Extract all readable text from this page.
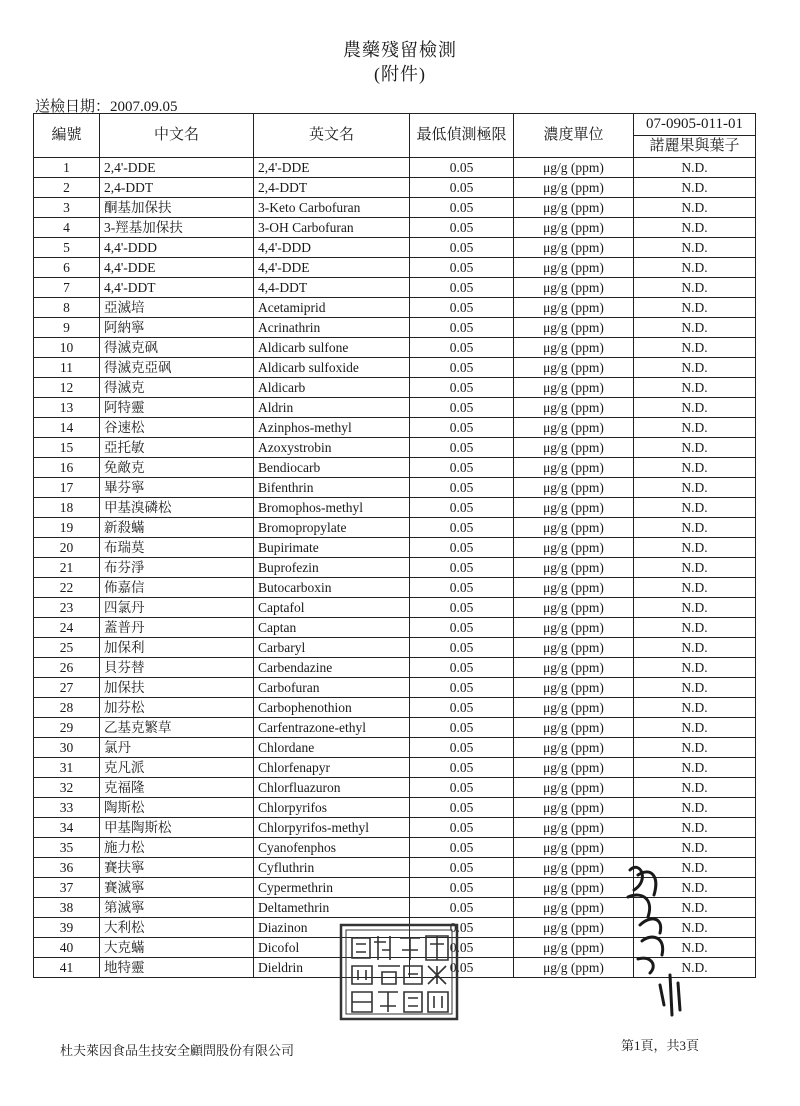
農藥殘留檢測
(附件)
送檢日期：2007.09.05
編號	中文名	英文名	最低偵測極限	濃度單位	07-0905-011-01
					諾麗果與葉子
1	2,4'-DDE	2,4'-DDE	0.05	μg/g (ppm)	N.D.
2	2,4-DDT	2,4-DDT	0.05	μg/g (ppm)	N.D.
3	酮基加保扶	3-Keto Carbofuran	0.05	μg/g (ppm)	N.D.
4	3-羥基加保扶	3-OH Carbofuran	0.05	μg/g (ppm)	N.D.
5	4,4'-DDD	4,4'-DDD	0.05	μg/g (ppm)	N.D.
6	4,4'-DDE	4,4'-DDE	0.05	μg/g (ppm)	N.D.
7	4,4'-DDT	4,4-DDT	0.05	μg/g (ppm)	N.D.
8	亞滅培	Acetamiprid	0.05	μg/g (ppm)	N.D.
9	阿納寧	Acrinathrin	0.05	μg/g (ppm)	N.D.
10	得滅克砜	Aldicarb sulfone	0.05	μg/g (ppm)	N.D.
11	得滅克亞砜	Aldicarb sulfoxide	0.05	μg/g (ppm)	N.D.
12	得滅克	Aldicarb	0.05	μg/g (ppm)	N.D.
13	阿特靈	Aldrin	0.05	μg/g (ppm)	N.D.
14	谷速松	Azinphos-methyl	0.05	μg/g (ppm)	N.D.
15	亞托敏	Azoxystrobin	0.05	μg/g (ppm)	N.D.
16	免敵克	Bendiocarb	0.05	μg/g (ppm)	N.D.
17	畢芬寧	Bifenthrin	0.05	μg/g (ppm)	N.D.
18	甲基溴磷松	Bromophos-methyl	0.05	μg/g (ppm)	N.D.
19	新殺蟎	Bromopropylate	0.05	μg/g (ppm)	N.D.
20	布瑞莫	Bupirimate	0.05	μg/g (ppm)	N.D.
21	布芬淨	Buprofezin	0.05	μg/g (ppm)	N.D.
22	佈嘉信	Butocarboxin	0.05	μg/g (ppm)	N.D.
23	四氯丹	Captafol	0.05	μg/g (ppm)	N.D.
24	蓋普丹	Captan	0.05	μg/g (ppm)	N.D.
25	加保利	Carbaryl	0.05	μg/g (ppm)	N.D.
26	貝芬替	Carbendazine	0.05	μg/g (ppm)	N.D.
27	加保扶	Carbofuran	0.05	μg/g (ppm)	N.D.
28	加芬松	Carbophenothion	0.05	μg/g (ppm)	N.D.
29	乙基克繁草	Carfentrazone-ethyl	0.05	μg/g (ppm)	N.D.
30	氯丹	Chlordane	0.05	μg/g (ppm)	N.D.
31	克凡派	Chlorfenapyr	0.05	μg/g (ppm)	N.D.
32	克福隆	Chlorfluazuron	0.05	μg/g (ppm)	N.D.
33	陶斯松	Chlorpyrifos	0.05	μg/g (ppm)	N.D.
34	甲基陶斯松	Chlorpyrifos-methyl	0.05	μg/g (ppm)	N.D.
35	施力松	Cyanofenphos	0.05	μg/g (ppm)	N.D.
36	賽扶寧	Cyfluthrin	0.05	μg/g (ppm)	N.D.
37	賽滅寧	Cypermethrin	0.05	μg/g (ppm)	N.D.
38	第滅寧	Deltamethrin	0.05	μg/g (ppm)	N.D.
39	大利松	Diazinon	0.05	μg/g (ppm)	N.D.
40	大克蟎	Dicofol	0.05	μg/g (ppm)	N.D.
41	地特靈	Dieldrin	0.05	μg/g (ppm)	N.D.
杜夫萊因食品生技安全顧問股份有限公司	第1頁，共3頁
